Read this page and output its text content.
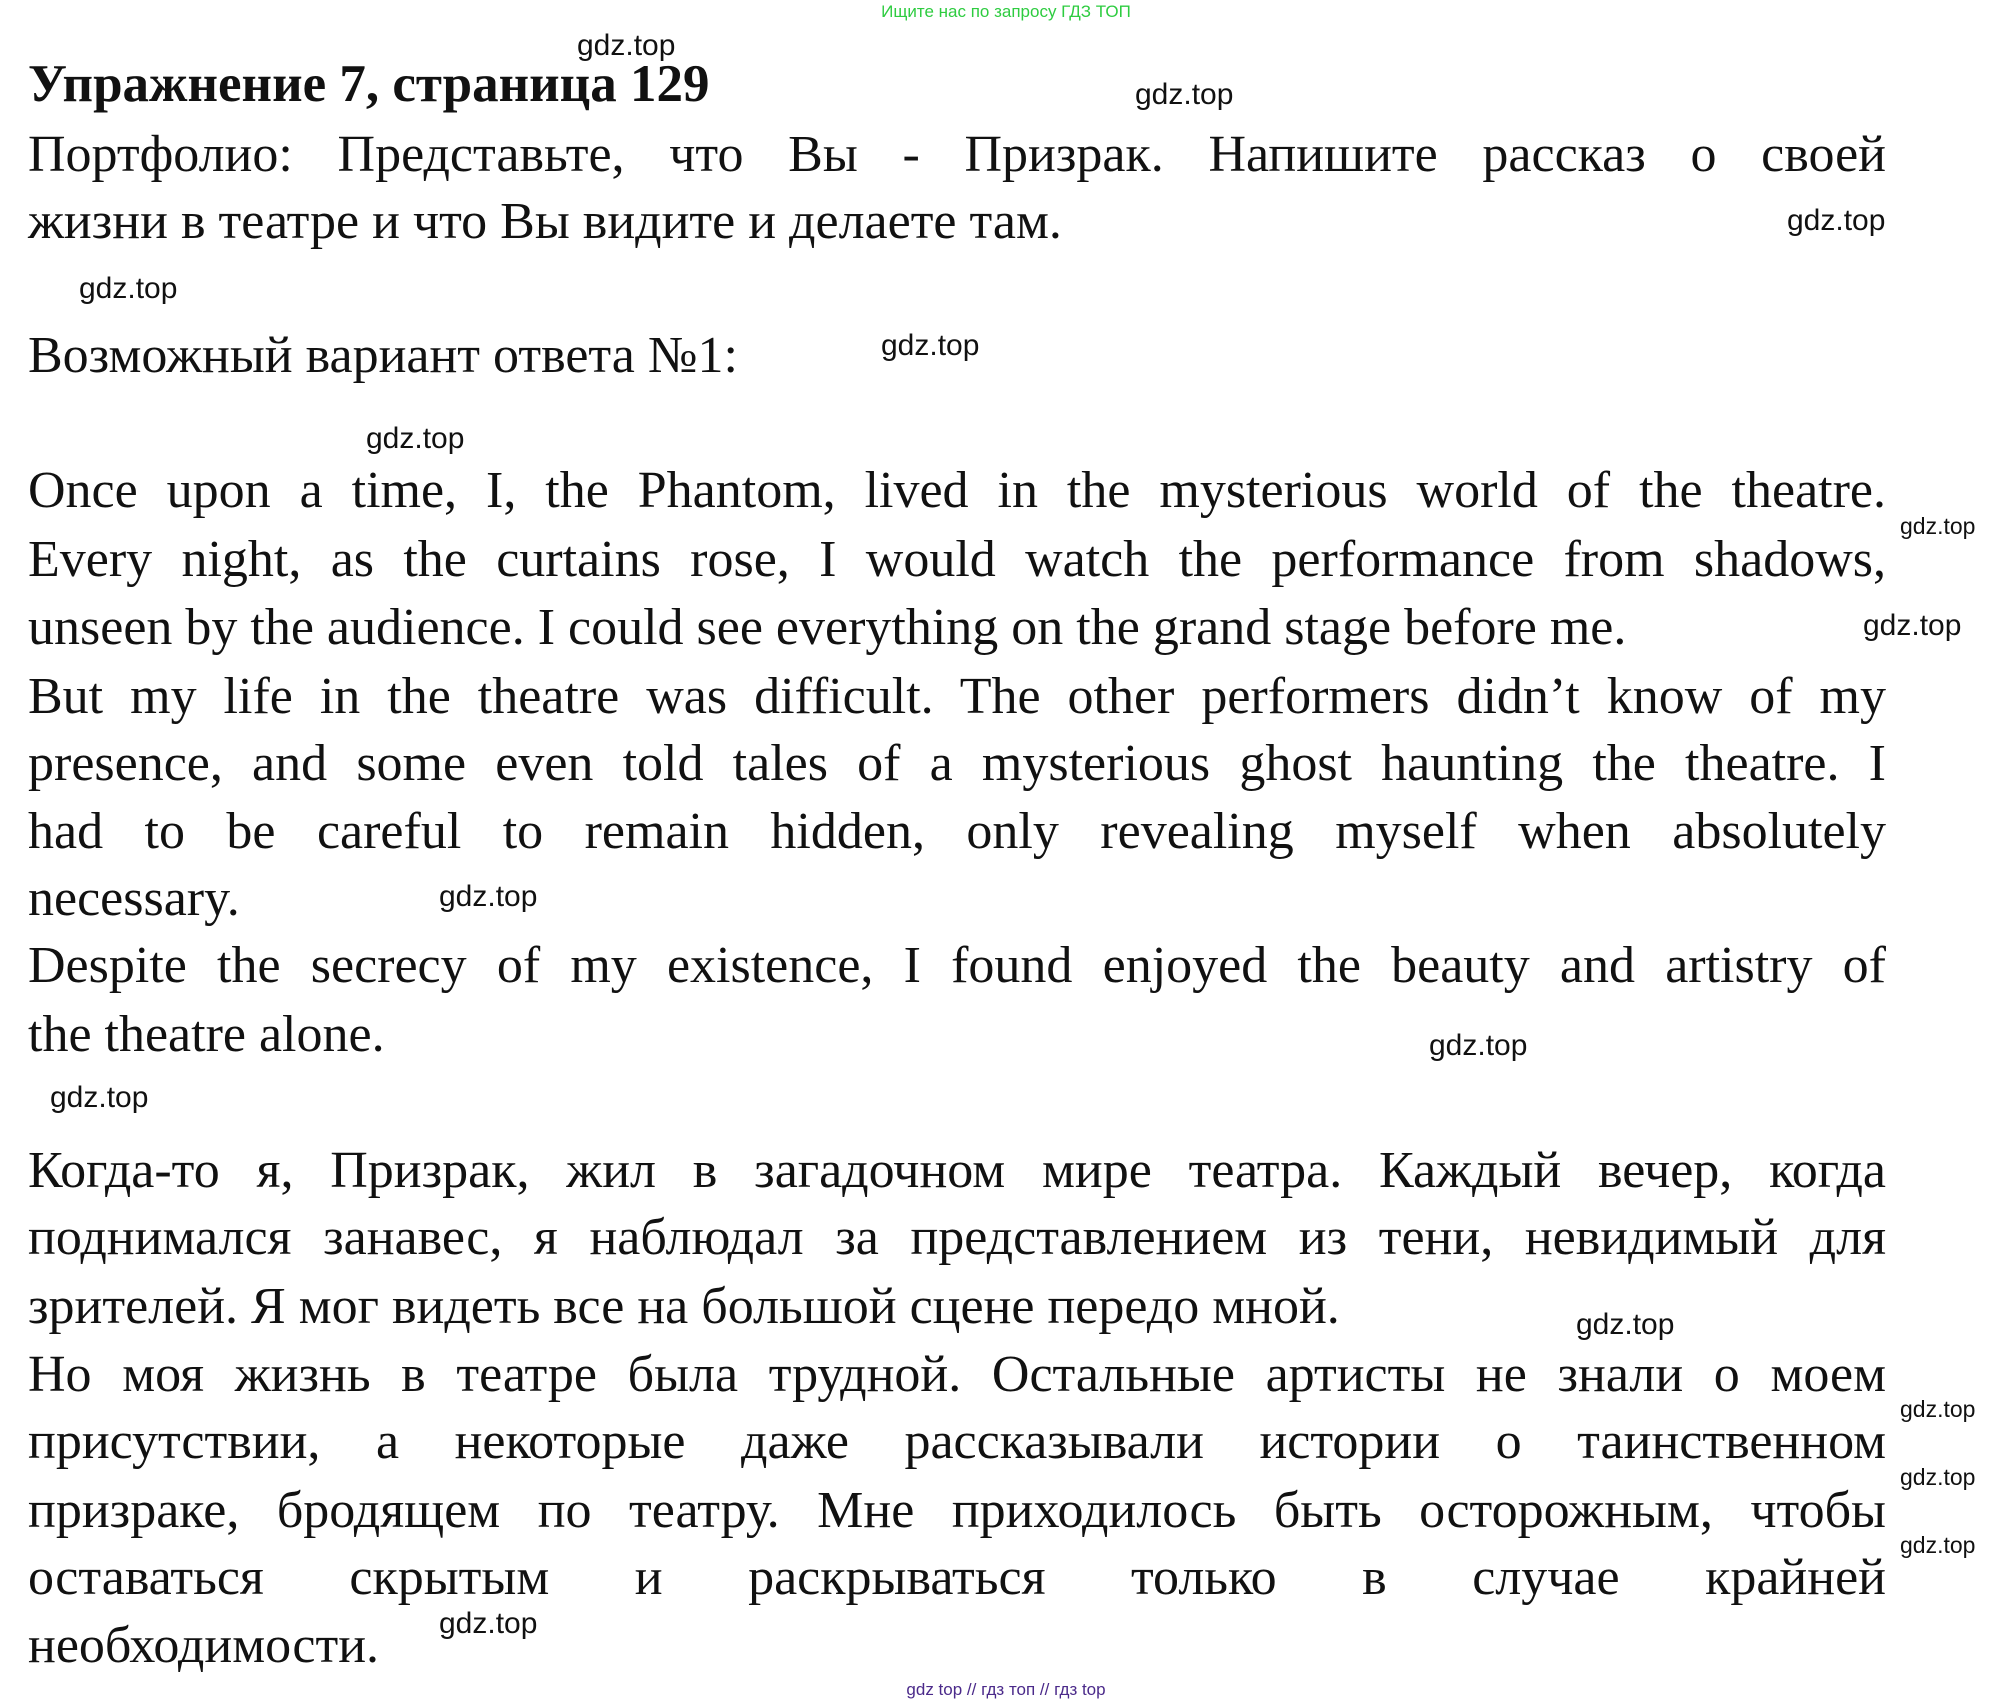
Ищите нас по запросу ГДЗ ТОП
Упражнение 7, страница 129
Портфолио: Представьте, что Вы - Призрак. Напишите рассказ о своей
жизни в театре и что Вы видите и делаете там.
Возможный вариант ответа №1:
Once upon a time, I, the Phantom, lived in the mysterious world of the theatre.
Every night, as the curtains rose, I would watch the performance from shadows,
unseen by the audience. I could see everything on the grand stage before me.
But my life in the theatre was difficult. The other performers didn’t know of my
presence, and some even told tales of a mysterious ghost haunting the theatre. I
had to be careful to remain hidden, only revealing myself when absolutely
necessary.
Despite the secrecy of my existence, I found enjoyed the beauty and artistry of
the theatre alone.
Когда-то я, Призрак, жил в загадочном мире театра. Каждый вечер, когда
поднимался занавес, я наблюдал за представлением из тени, невидимый для
зрителей. Я мог видеть все на большой сцене передо мной.
Но моя жизнь в театре была трудной. Остальные артисты не знали о моем
присутствии, а некоторые даже рассказывали истории о таинственном
призраке, бродящем по театру. Мне приходилось быть осторожным, чтобы
оставаться скрытым и раскрываться только в случае крайней
необходимости.
gdz.top
gdz.top
gdz.top
gdz.top
gdz.top
gdz.top
gdz.top
gdz.top
gdz.top
gdz.top
gdz.top
gdz.top
gdz.top
gdz.top
gdz.top
gdz.top
gdz top // гдз топ // гдз top
